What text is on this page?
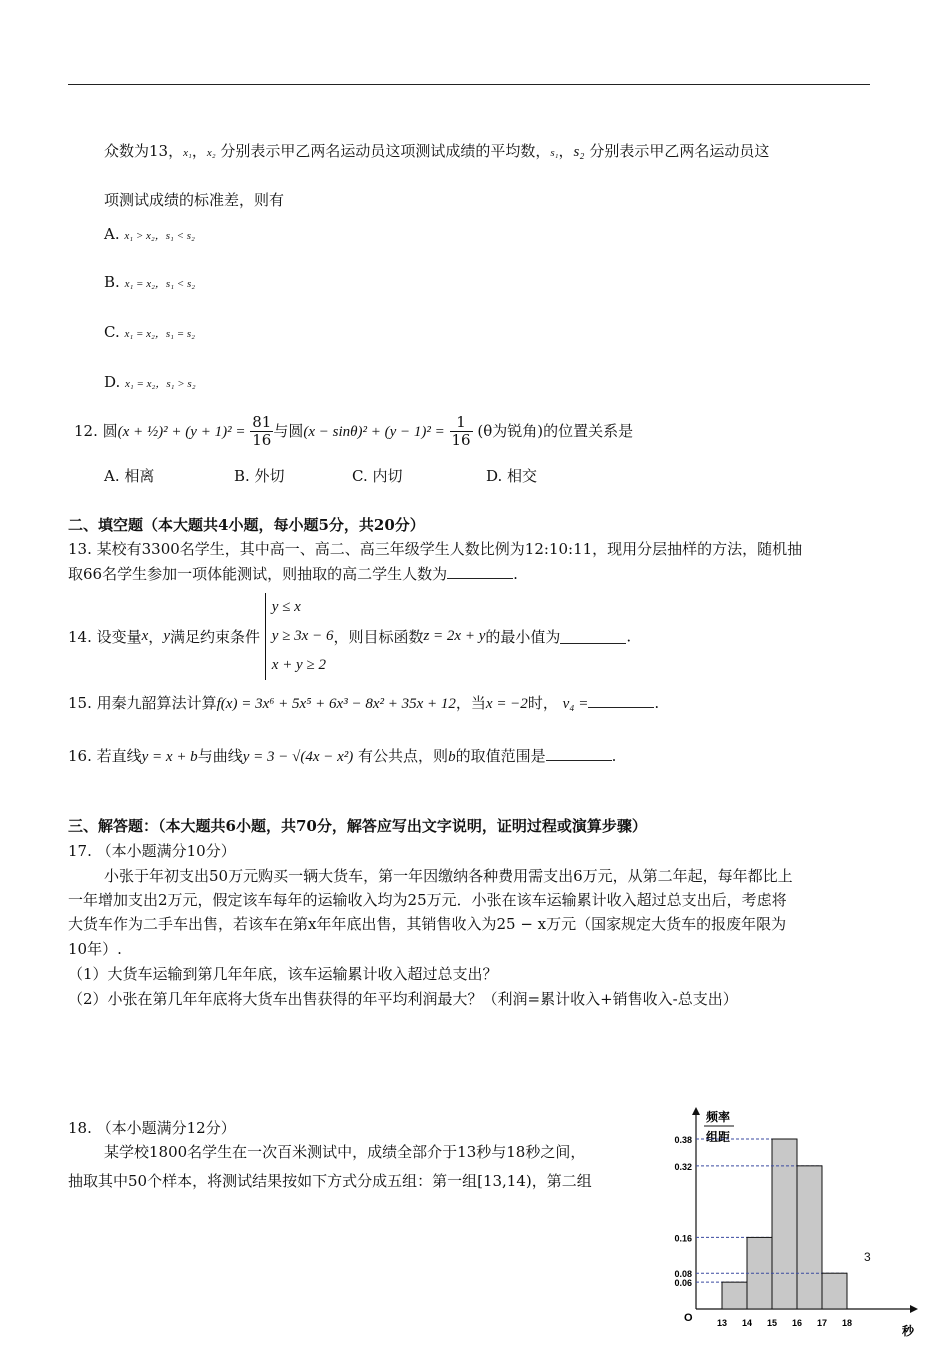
众数为13，x₁，x₂ 分别表示甲乙两名运动员这项测试成绩的平均数，s₁，s₂ 分别表示甲乙两名运动员这
项测试成绩的标准差，则有
A. x₁ > x₂，s₁ < s₂
B. x₁ = x₂，s₁ < s₂
C. x₁ = x₂，s₁ = s₂
D. x₁ = x₂，s₁ > s₂
12. 圆(x + ½)² + $(y + 1)^2 = \frac{81}{16}$ 与圆$(x - \sin\theta)^2 + (y - 1)^2 = \frac{1}{16} (\theta$为锐角)的位置关系是
A. 相离	B. 外切	C. 内切	D. 相交
二、填空题（本大题共4小题，每小题5分，共20分）
13. 某校有3300名学生，其中高一、高二、高三年级学生人数比例为12:10:11，现用分层抽样的方法，随机抽
取66名学生参加一项体能测试，则抽取的高二学生人数为	.
14. 设变量x，y满足约束条件
y ≤ x
y ≥ 3x − 6
x + y ≥ 2
，则目标函数z = 2x + y的最小值为	.
15. 用秦九韶算法计算f(x) = 3x⁶ + 5x⁵ + 6x³ − 8x² + 35x + 12，当x = −2时， v₄ =	.
16. 若直线y = x + b与曲线y = 3 − √(4x − x²) 有公共点，则b的取值范围是	.
三、解答题：（本大题共6小题，共70分，解答应写出文字说明，证明过程或演算步骤）
17. （本小题满分10分）
小张于年初支出50万元购买一辆大货车，第一年因缴纳各种费用需支出6万元，从第二年起，每年都比上
一年增加支出2万元，假定该车每年的运输收入均为25万元．小张在该车运输累计收入超过总支出后，考虑将
大货车作为二手车出售，若该车在第x年年底出售，其销售收入为25 − x万元（国家规定大货车的报废年限为
10年）.
（1）大货车运输到第几年年底，该车运输累计收入超过总支出？
（2）小张在第几年年底将大货车出售获得的年平均利润最大？（利润=累计收入+销售收入-总支出）
18. （本小题满分12分）
某学校1800名学生在一次百米测试中，成绩全部介于13秒与18秒之间，
抽取其中50个样本，将测试结果按如下方式分成五组：第一组[13,14)，第二组
频率
组距
秒
O
0.38
0.32
0.16
0.08
0.06
13 14 15 16 17 18
3
